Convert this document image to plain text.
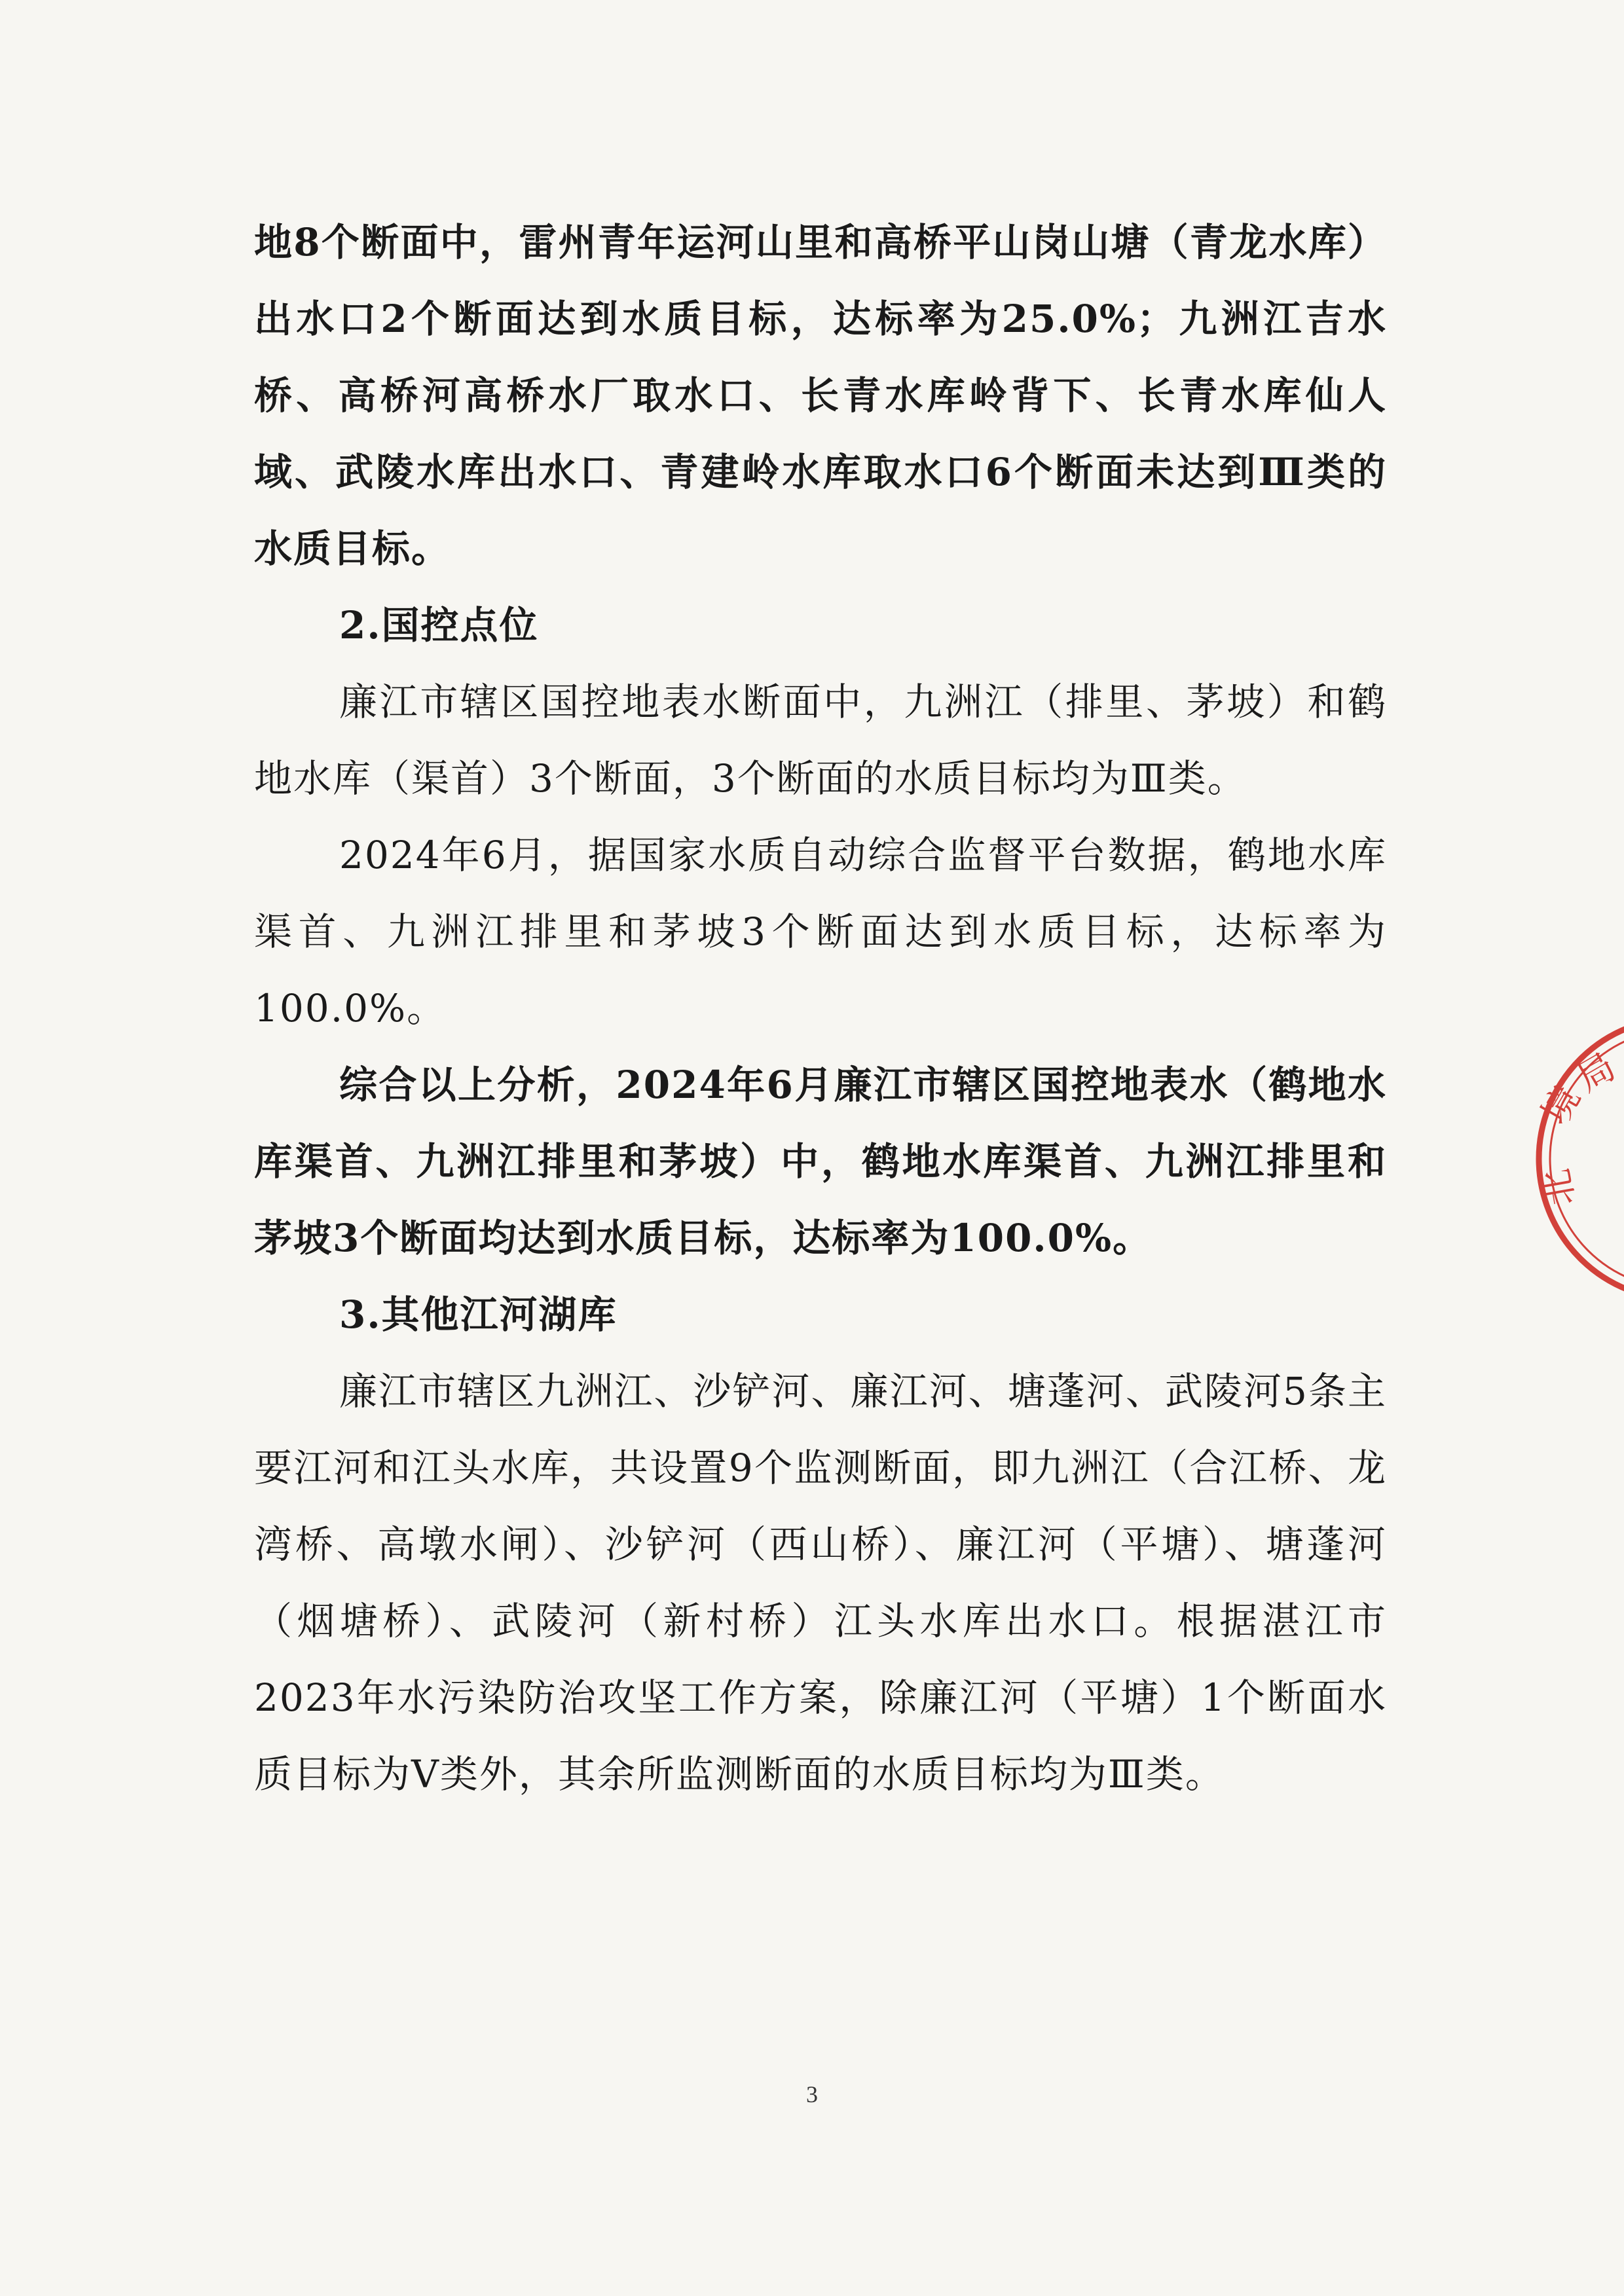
地8个断面中，雷州青年运河山里和高桥平山岗山塘（青龙水库）出水口2个断面达到水质目标，达标率为25.0%；九洲江吉水桥、高桥河高桥水厂取水口、长青水库岭背下、长青水库仙人域、武陵水库出水口、青建岭水库取水口6个断面未达到Ⅲ类的水质目标。

2.国控点位

廉江市辖区国控地表水断面中，九洲江（排里、茅坡）和鹤地水库（渠首）3个断面，3个断面的水质目标均为Ⅲ类。

2024年6月，据国家水质自动综合监督平台数据，鹤地水库渠首、九洲江排里和茅坡3个断面达到水质目标，达标率为100.0%。

综合以上分析，2024年6月廉江市辖区国控地表水（鹤地水库渠首、九洲江排里和茅坡）中，鹤地水库渠首、九洲江排里和茅坡3个断面均达到水质目标，达标率为100.0%。

3.其他江河湖库

廉江市辖区九洲江、沙铲河、廉江河、塘蓬河、武陵河5条主要江河和江头水库，共设置9个监测断面，即九洲江（合江桥、龙湾桥、高墩水闸）、沙铲河（西山桥）、廉江河（平塘）、塘蓬河（烟塘桥）、武陵河（新村桥）江头水库出水口。根据湛江市2023年水污染防治攻坚工作方案，除廉江河（平塘）1个断面水质目标为Ⅴ类外，其余所监测断面的水质目标均为Ⅲ类。

3
境
局
北
